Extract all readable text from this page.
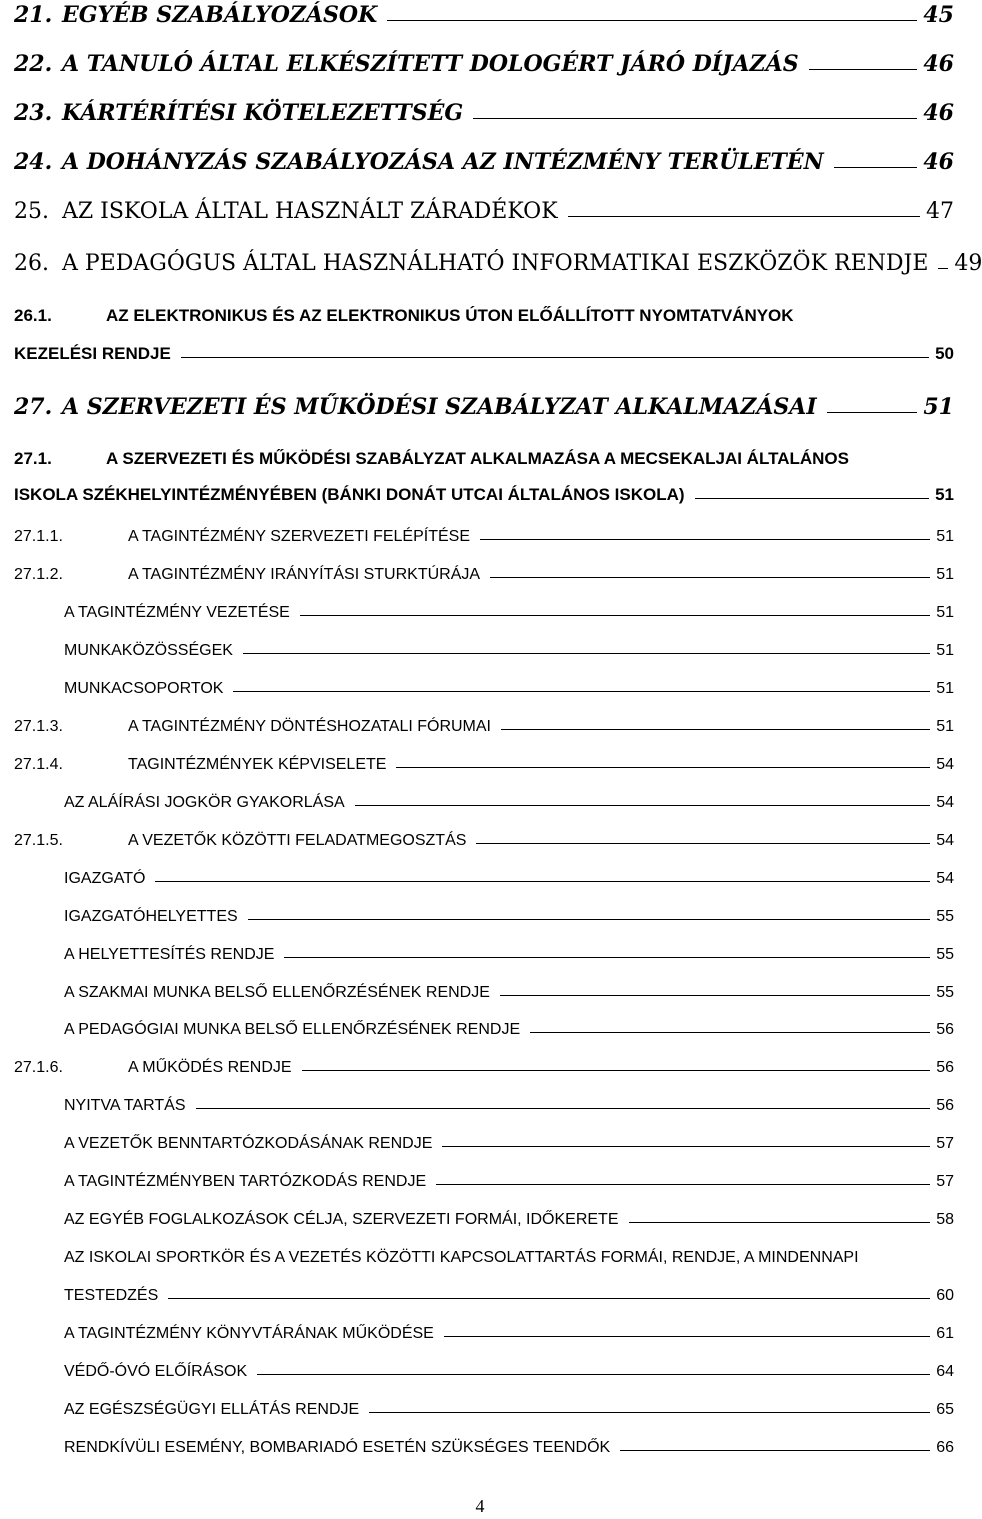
21. EGYÉB SZABÁLYOZÁSOK	45
22. A TANULÓ ÁLTAL ELKÉSZÍTETT DOLOGÉRT JÁRÓ DÍJAZÁS	46
23. KÁRTÉRÍTÉSI KÖTELEZETTSÉG	46
24. A DOHÁNYZÁS SZABÁLYOZÁSA AZ INTÉZMÉNY TERÜLETÉN	46
25. AZ ISKOLA ÁLTAL HASZNÁLT ZÁRADÉKOK	47
26. A PEDAGÓGUS ÁLTAL HASZNÁLHATÓ INFORMATIKAI ESZKÖZÖK RENDJE 49
26.1.	AZ ELEKTRONIKUS ÉS AZ ELEKTRONIKUS ÚTON ELŐÁLLÍTOTT NYOMTATVÁNYOK
KEZELÉSI RENDJE	50
27. A SZERVEZETI ÉS MŰKÖDÉSI SZABÁLYZAT ALKALMAZÁSAI	51
27.1.	A SZERVEZETI ÉS MŰKÖDÉSI SZABÁLYZAT ALKALMAZÁSA A MECSEKALJAI ÁLTALÁNOS
ISKOLA SZÉKHELYINTÉZMÉNYÉBEN (BÁNKI DONÁT UTCAI ÁLTALÁNOS ISKOLA)	51
27.1.1.	A TAGINTÉZMÉNY SZERVEZETI FELÉPÍTÉSE	51
27.1.2.	A TAGINTÉZMÉNY IRÁNYÍTÁSI STURKTÚRÁJA	51
A TAGINTÉZMÉNY VEZETÉSE	51
MUNKAKÖZÖSSÉGEK	51
MUNKACSOPORTOK	51
27.1.3.	A TAGINTÉZMÉNY DÖNTÉSHOZATALI FÓRUMAI	51
27.1.4.	TAGINTÉZMÉNYEK KÉPVISELETE	54
AZ ALÁÍRÁSI JOGKÖR GYAKORLÁSA	54
27.1.5.	A VEZETŐK KÖZÖTTI FELADATMEGOSZTÁS	54
IGAZGATÓ	54
IGAZGATÓHELYETTES	55
A HELYETTESÍTÉS RENDJE	55
A SZAKMAI MUNKA BELSŐ ELLENŐRZÉSÉNEK RENDJE	55
A PEDAGÓGIAI MUNKA BELSŐ ELLENŐRZÉSÉNEK RENDJE	56
27.1.6.	A MŰKÖDÉS RENDJE	56
NYITVA TARTÁS	56
A VEZETŐK BENNTARTÓZKODÁSÁNAK RENDJE	57
A TAGINTÉZMÉNYBEN TARTÓZKODÁS RENDJE	57
AZ EGYÉB FOGLALKOZÁSOK CÉLJA, SZERVEZETI FORMÁI, IDŐKERETE	58
AZ ISKOLAI SPORTKÖR ÉS A VEZETÉS KÖZÖTTI KAPCSOLATTARTÁS FORMÁI, RENDJE, A MINDENNAPI
TESTEDZÉS	60
A TAGINTÉZMÉNY KÖNYVTÁRÁNAK MŰKÖDÉSE	61
VÉDŐ-ÓVÓ ELŐÍRÁSOK	64
AZ EGÉSZSÉGÜGYI ELLÁTÁS RENDJE	65
RENDKÍVÜLI ESEMÉNY, BOMBARIADÓ ESETÉN SZÜKSÉGES TEENDŐK	66
4
